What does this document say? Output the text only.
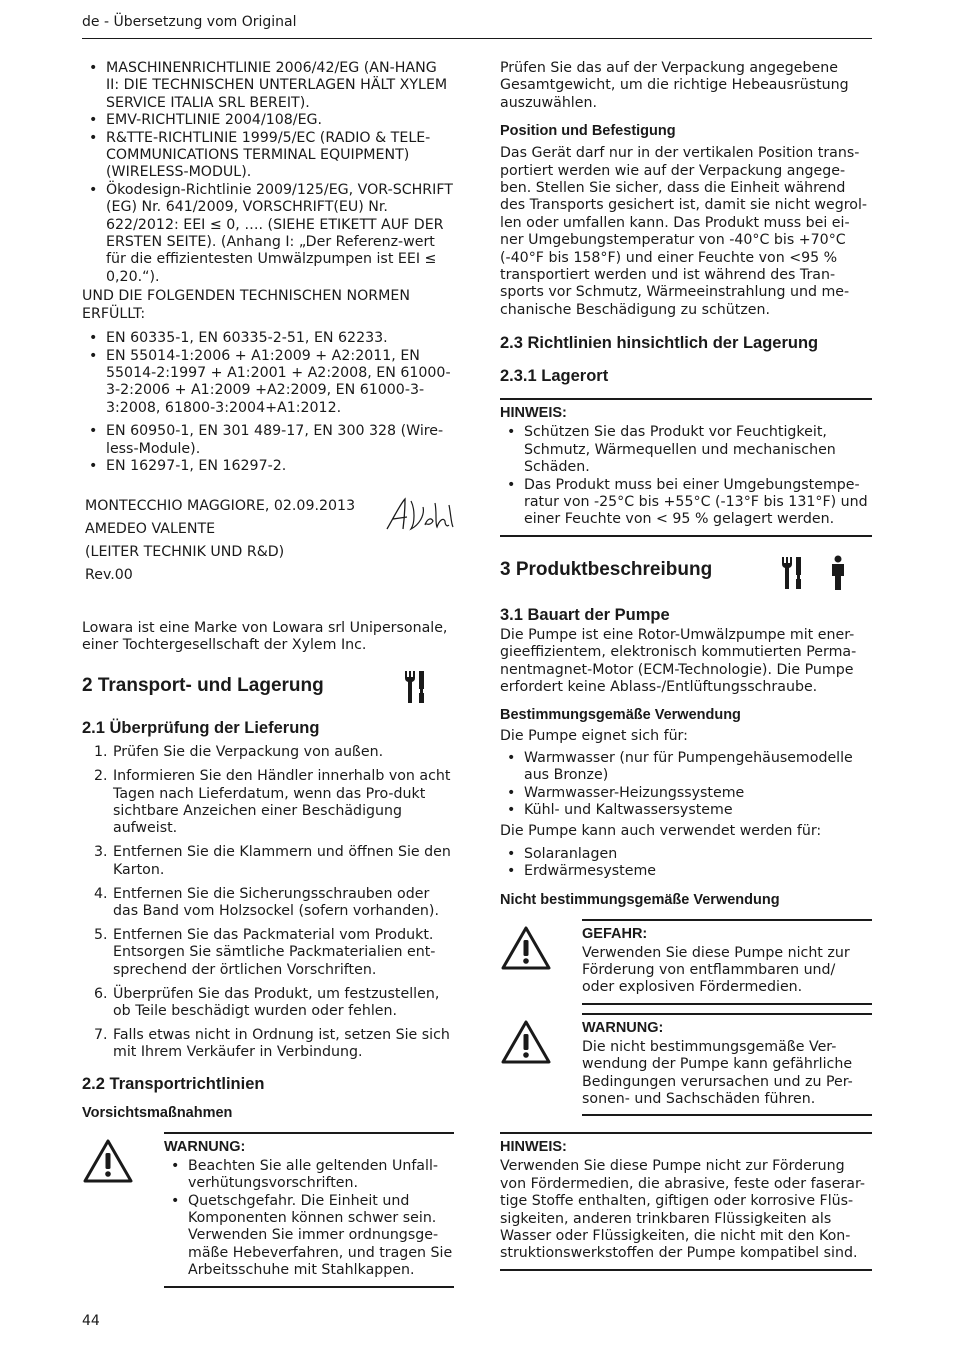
de - Übersetzung vom Original
• MASCHINENRICHTLINIE 2006/42/EG (AN-HANG II: DIE TECHNISCHEN UNTERLAGEN HÄLT XYLEM SERVICE ITALIA SRL BEREIT).
• EMV-RICHTLINIE 2004/108/EG.
• R&TTE-RICHTLINIE 1999/5/EC (RADIO & TELE-COMMUNICATIONS TERMINAL EQUIPMENT) (WIRELESS-MODUL).
• Ökodesign-Richtlinie 2009/125/EG, VOR-SCHRIFT (EG) Nr. 641/2009, VORSCHRIFT(EU) Nr. 622/2012: EEI ≤ 0, …. (SIEHE ETIKETT AUF DER ERSTEN SEITE). (Anhang I: „Der Referenz-wert für die effizientesten Umwälzpumpen ist EEI ≤ 0,20.“).

UND DIE FOLGENDEN TECHNISCHEN NORMEN ERFÜLLT:

• EN 60335-1, EN 60335-2-51, EN 62233.
• EN 55014-1:2006 + A1:2009 + A2:2011, EN 55014-2:1997 + A1:2001 + A2:2008, EN 61000-3-2:2006 + A1:2009 +A2:2009, EN 61000-3-3:2008, 61800-3:2004+A1:2012.
• EN 60950-1, EN 301 489-17, EN 300 328 (Wire-less-Module).
• EN 16297-1, EN 16297-2.
MONTECCHIO MAGGIORE, 02.09.2013
AMEDEO VALENTE
(LEITER TECHNIK UND R&D)
Rev.00

Lowara ist eine Marke von Lowara srl Unipersonale, einer Tochtergesellschaft der Xylem Inc.

2 Transport- und Lagerung
2.1 Überprüfung der Lieferung
1. Prüfen Sie die Verpackung von außen.
2. Informieren Sie den Händler innerhalb von acht Tagen nach Lieferdatum, wenn das Pro-dukt sichtbare Anzeichen einer Beschädigung aufweist.
3. Entfernen Sie die Klammern und öffnen Sie den Karton.
4. Entfernen Sie die Sicherungsschrauben oder das Band vom Holzsockel (sofern vorhanden).
5. Entfernen Sie das Packmaterial vom Produkt. Entsorgen Sie sämtliche Packmaterialien ent-sprechend der örtlichen Vorschriften.
6. Überprüfen Sie das Produkt, um festzustellen, ob Teile beschädigt wurden oder fehlen.
7. Falls etwas nicht in Ordnung ist, setzen Sie sich mit Ihrem Verkäufer in Verbindung.
2.2 Transportrichtlinien
Vorsichtsmaßnahmen
WARNUNG:
• Beachten Sie alle geltenden Unfall-verhütungsvorschriften.
• Quetschgefahr. Die Einheit und Komponenten können schwer sein. Verwenden Sie immer ordnungsge-mäße Hebeverfahren, und tragen Sie Arbeitsschuhe mit Stahlkappen.

Prüfen Sie das auf der Verpackung angegebene Gesamtgewicht, um die richtige Hebeausrüstung auszuwählen.

Position und Befestigung

Das Gerät darf nur in der vertikalen Position trans-portiert werden wie auf der Verpackung angege-ben. Stellen Sie sicher, dass die Einheit während des Transports gesichert ist, damit sie nicht wegrol-len oder umfallen kann. Das Produkt muss bei ei-ner Umgebungstemperatur von -40°C bis +70°C (-40°F bis 158°F) und einer Feuchte von <95 % transportiert werden und ist während des Tran-sports vor Schmutz, Wärmeeinstrahlung und me-chanische Beschädigung zu schützen.

2.3 Richtlinien hinsichtlich der Lagerung
2.3.1 Lagerort
HINWEIS:
• Schützen Sie das Produkt vor Feuchtigkeit, Schmutz, Wärmequellen und mechanischen Schäden.
• Das Produkt muss bei einer Umgebungstempe-ratur von -25°C bis +55°C (-13°F bis 131°F) und einer Feuchte von < 95 % gelagert werden.
3 Produktbeschreibung

3.1 Bauart der Pumpe

Die Pumpe ist eine Rotor-Umwälzpumpe mit ener-gieeffizientem, elektronisch kommutierten Perma-nentmagnet-Motor (ECM-Technologie). Die Pumpe erfordert keine Ablass-/Entlüftungsschraube.

Bestimmungsgemäße Verwendung

Die Pumpe eignet sich für:

• Warmwasser (nur für Pumpengehäusemodelle aus Bronze)
• Warmwasser-Heizungssysteme
• Kühl- und Kaltwassersysteme

Die Pumpe kann auch verwendet werden für:

• Solaranlagen
• Erdwärmesysteme
Nicht bestimmungsgemäße Verwendung
GEFAHR:

Verwenden Sie diese Pumpe nicht zur Förderung von entflammbaren und/ oder explosiven Fördermedien.

WARNUNG:

Die nicht bestimmungsgemäße Ver-wendung der Pumpe kann gefährliche Bedingungen verursachen und zu Per-sonen- und Sachschäden führen.

HINWEIS:

Verwenden Sie diese Pumpe nicht zur Förderung von Fördermedien, die abrasive, feste oder faserar-tige Stoffe enthalten, giftigen oder korrosive Flüs-sigkeiten, anderen trinkbaren Flüssigkeiten als Wasser oder Flüssigkeiten, die nicht mit den Kon-struktionswerkstoffen der Pumpe kompatibel sind.

44
